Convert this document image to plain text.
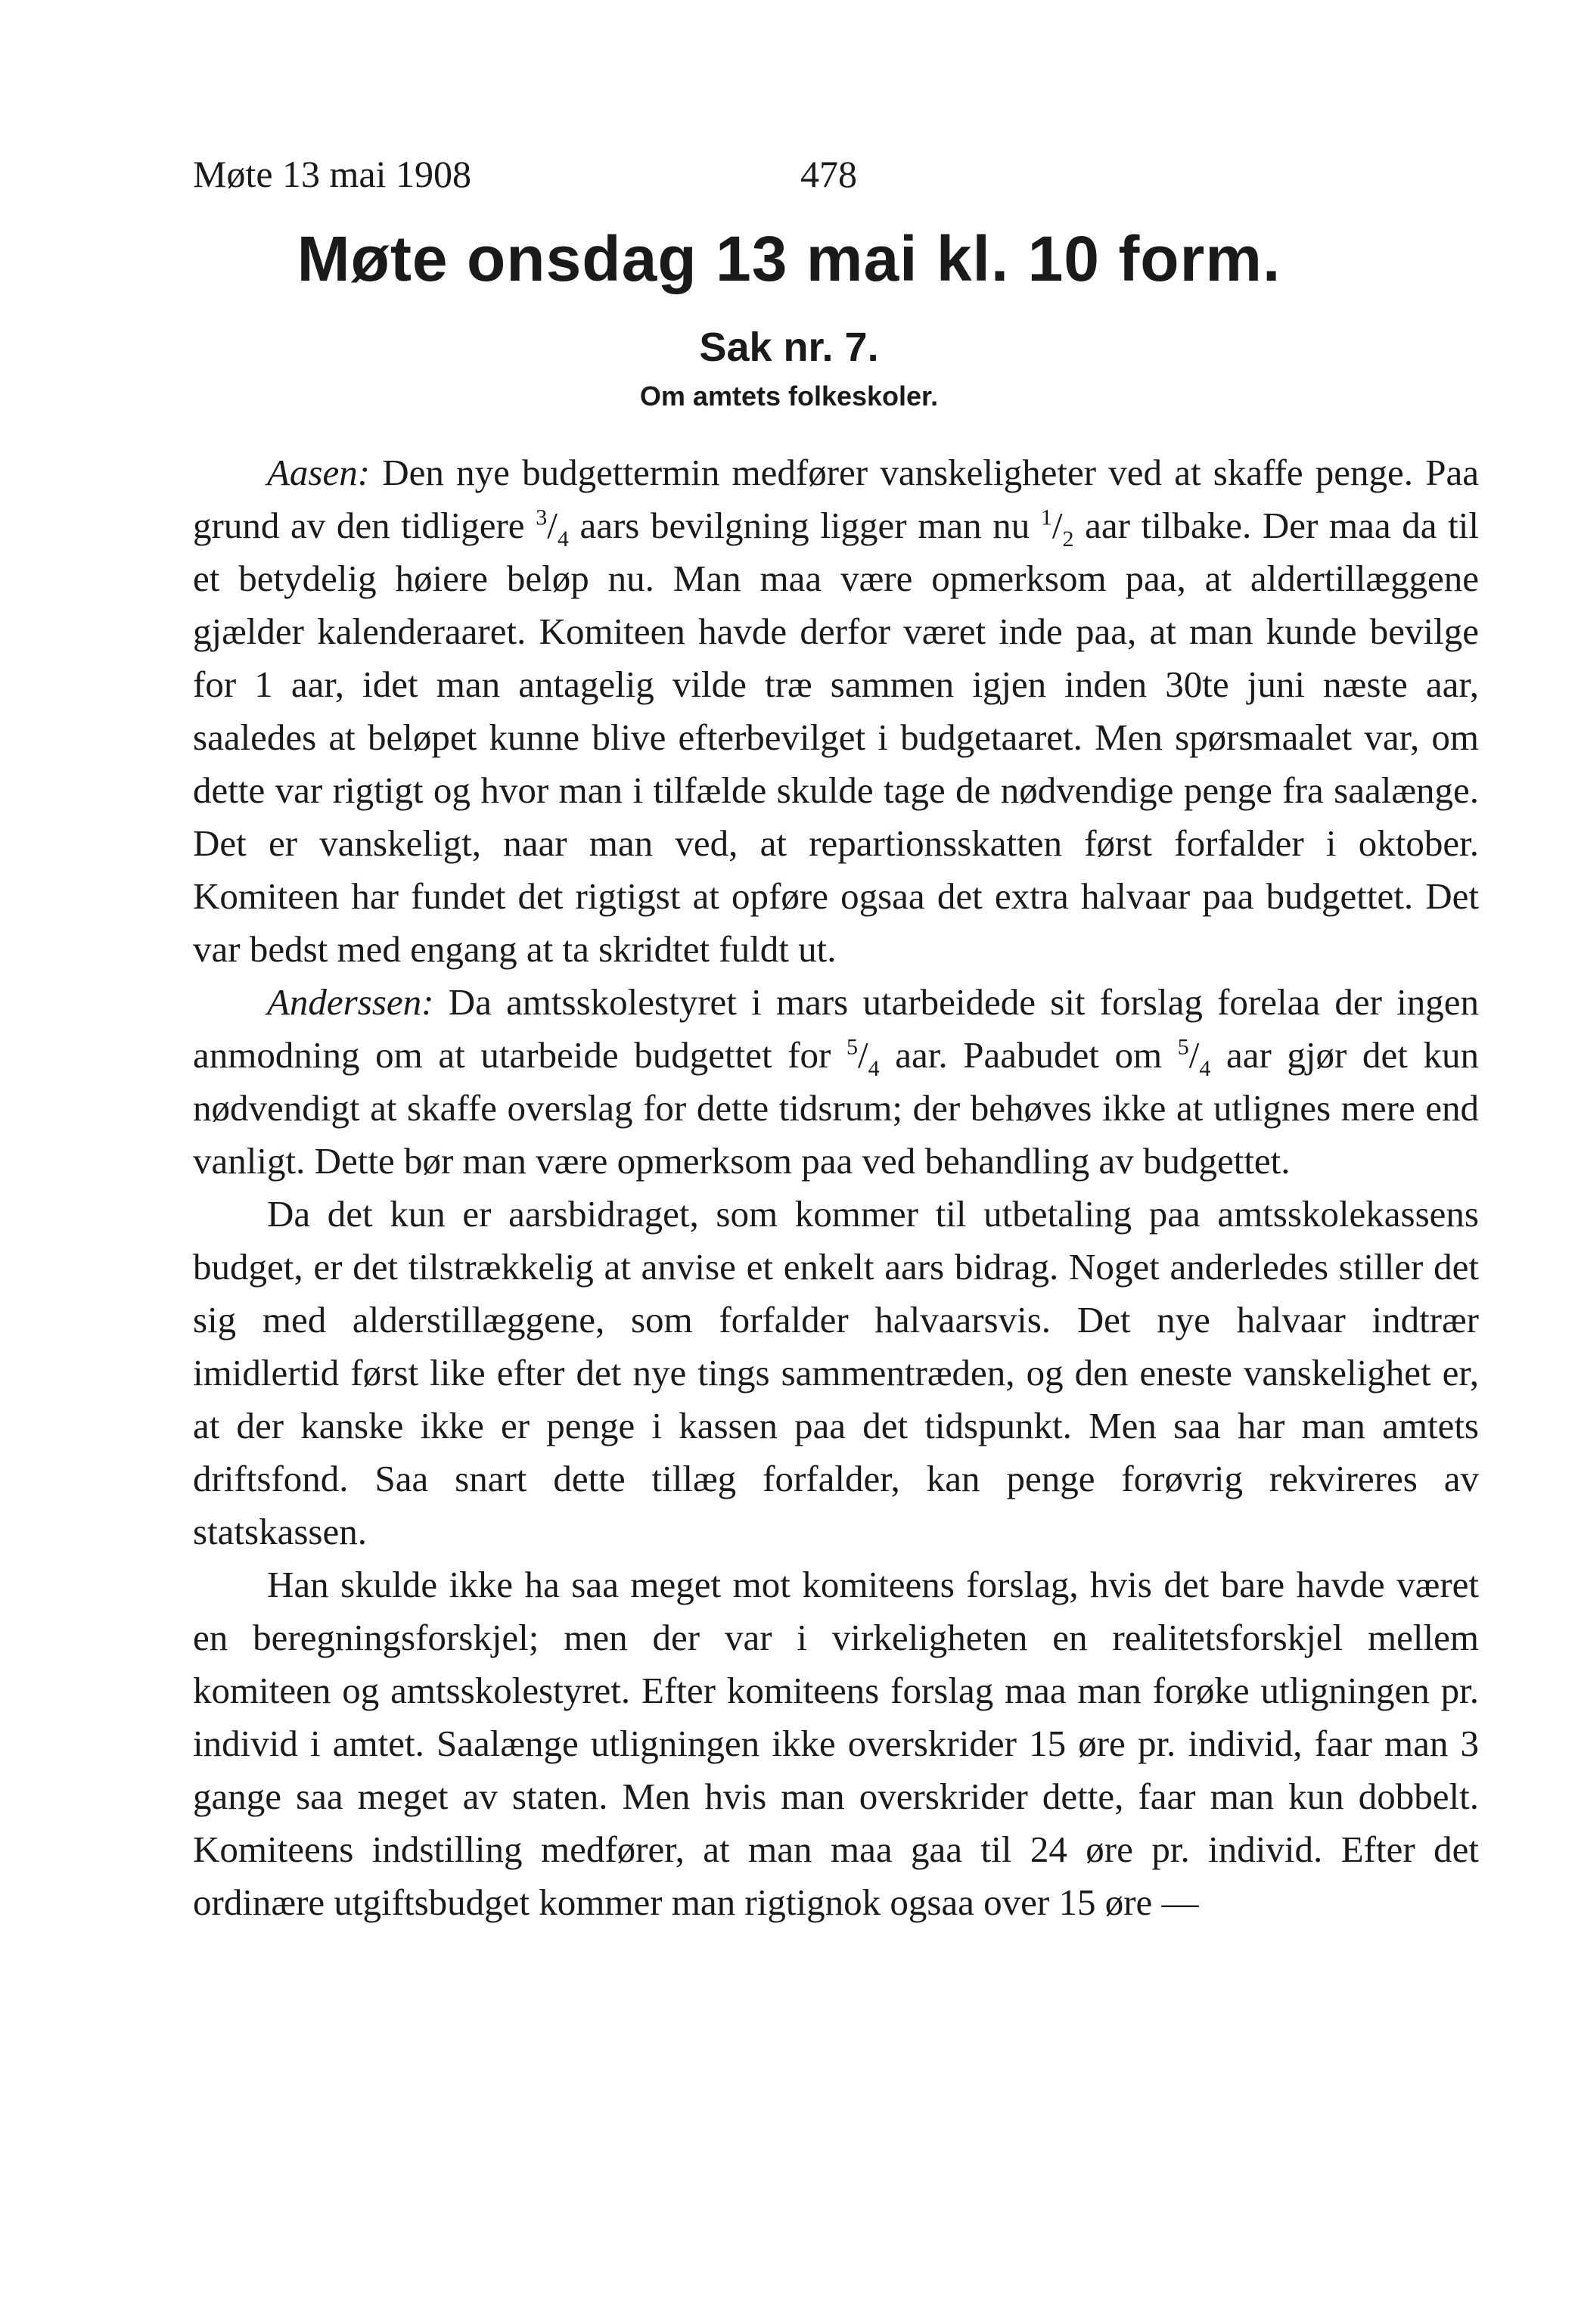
Møte 13 mai 1908	478
Møte onsdag 13 mai kl. 10 form.
Sak nr. 7.
Om amtets folkeskoler.

Aasen: Den nye budgettermin medfører vanskeligheter ved at skaffe penge. Paa grund av den tidligere $^3/_4$ aars bevilgning ligger man nu $^1/_2$ aar tilbake. Der maa da til et betydelig høiere beløp nu. Man maa være opmerksom paa, at aldertillæggene gjælder kalenderaaret. Komiteen havde derfor været inde paa, at man kunde bevilge for 1 aar, idet man antagelig vilde træ sammen igjen inden 30te juni næste aar, saaledes at beløpet kunne blive efterbevilget i budgetaaret. Men spørsmaalet var, om dette var rigtigt og hvor man i tilfælde skulde tage de nødvendige penge fra saalænge. Det er vanskeligt, naar man ved, at repartionsskatten først forfalder i oktober. Komiteen har fundet det rigtigst at opføre ogsaa det extra halvaar paa budgettet. Det var bedst med engang at ta skridtet fuldt ut.

Anderssen: Da amtsskolestyret i mars utarbeidede sit forslag forelaa der ingen anmodning om at utarbeide budgettet for $^5/_4$ aar. Paabudet om $^5/_4$ aar gjør det kun nødvendigt at skaffe overslag for dette tidsrum; der behøves ikke at utlignes mere end vanligt. Dette bør man være opmerksom paa ved behandling av budgettet.

Da det kun er aarsbidraget, som kommer til utbetaling paa amtsskolekassens budget, er det tilstrækkelig at anvise et enkelt aars bidrag. Noget anderledes stiller det sig med alderstillæggene, som forfalder halvaarsvis. Det nye halvaar indtrær imidlertid først like efter det nye tings sammentræden, og den eneste vanskelighet er, at der kanske ikke er penge i kassen paa det tidspunkt. Men saa har man amtets driftsfond. Saa snart dette tillæg forfalder, kan penge forøvrig rekvireres av statskassen.

Han skulde ikke ha saa meget mot komiteens forslag, hvis det bare havde været en beregningsforskjel; men der var i virkeligheten en realitetsforskjel mellem komiteen og amtsskolestyret. Efter komiteens forslag maa man forøke utligningen pr. individ i amtet. Saalænge utligningen ikke overskrider 15 øre pr. individ, faar man 3 gange saa meget av staten. Men hvis man overskrider dette, faar man kun dobbelt. Komiteens indstilling medfører, at man maa gaa til 24 øre pr. individ. Efter det ordinære utgiftsbudget kommer man rigtignok ogsaa over 15 øre —
